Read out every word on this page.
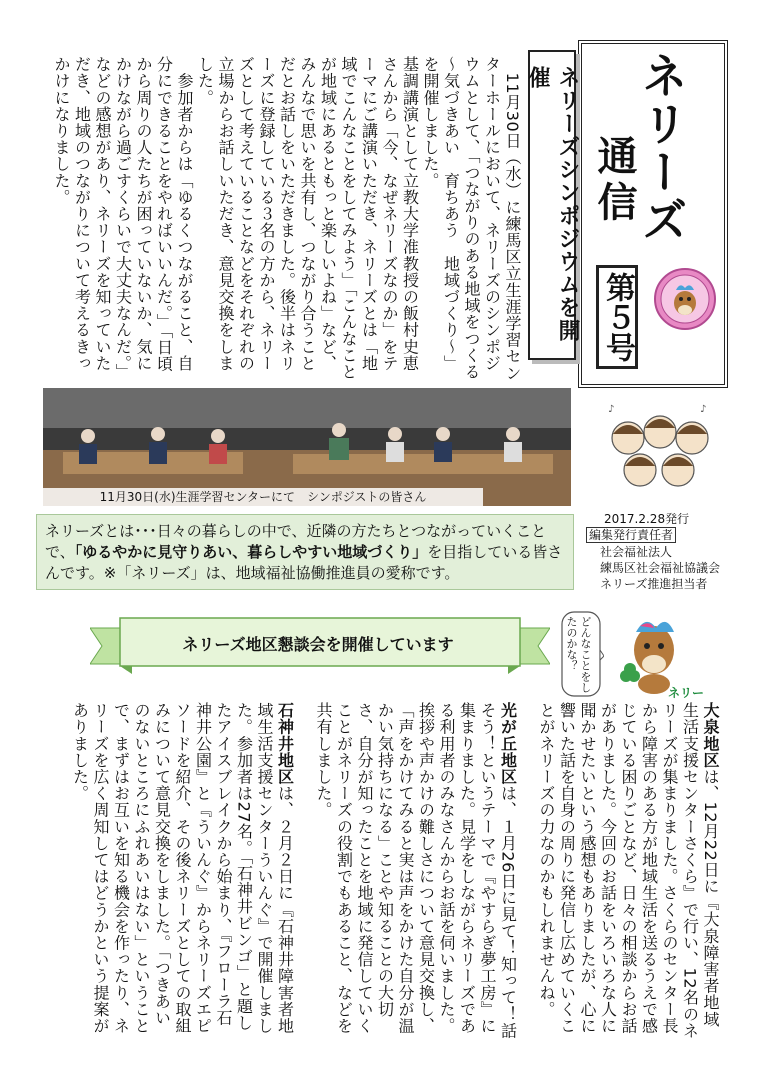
ネリーズ
通信
第５号
ネリーズシンポジウムを開催

　11月30日（水）に練馬区立生涯学習センターホールにおいて、ネリーズのシンポジウムとして、「つながりのある地域をつくる～気づきあい　育ちあう　地域づくり～」を開催しました。

基調講演として立教大学准教授の飯村史恵さんから「今、なぜネリーズなのか」をテーマにご講演いただき、ネリーズとは「地域でこんなことをしてみよう」「こんなことが地域にあるともっと楽しいよね」など、みんなで思いを共有し、つながり合うことだとお話しをいただきました。後半はネリーズに登録している３名の方から、ネリーズとして考えていることなどをそれぞれの立場からお話しいただき、意見交換をしました。

　参加者からは「ゆるくつながること、自分にできることをやればいいんだ。」「日頃から周りの人たちが困っていないか、気にかけながら過ごすくらいで大丈夫なんだ。」などの感想があり、ネリーズを知っていただき、地域のつながりについて考えるきっかけになりました。

11月30日(水)生涯学習センターにて　シンポジストの皆さん
♪	♪
2017.2.28発行
編集発行責任者
社会福祉法人
練馬区社会福祉協議会
ネリーズ推進担当者
ネリーズとは･･･日々の暮らしの中で、近隣の方たちとつながっていくことで、「ゆるやかに見守りあい、暮らしやすい地域づくり」を目指している皆さんです。※「ネリーズ」は、地域福祉協働推進員の愛称です。
ネリーズ地区懇談会を開催しています	どんなことをしたのかな？
ネリー

大泉地区は、12月22日に『大泉障害者地域生活支援センターさくら』で行い、12名のネリーズが集まりました。さくらのセンター長から障害のある方が地域生活を送るうえで感じている困りごとなど、日々の相談からお話がありました。今回のお話をいろいろな人に聞かせたいという感想もありましたが、心に響いた話を自身の周りに発信し広めていくことがネリーズの力なのかもしれませんね。

光が丘地区は、１月26日に見て！知って！話そう！というテーマで『やすらぎ夢工房』に集まりました。見学をしながらネリーズである利用者のみなさんからお話を伺いました。挨拶や声かけの難しさについて意見交換し、「声をかけてみると実は声をかけた自分が温かい気持ちになる」ことや知ることの大切さ、自分が知ったことを地域に発信していくことがネリーズの役割でもあること、などを共有しました。

石神井地区は、２月２日に『石神井障害者地域生活支援センターういんぐ』で開催しました。参加者は27名。「石神井ビンゴ」と題したアイスブレイクから始まり、『フローラ石神井公園』と『ういんぐ』からネリーズエピソードを紹介、その後ネリーズとしての取組みについて意見交換をしました。「つきあいのないところにふれあいはない」ということで、まずはお互いを知る機会を作ったり、ネリーズを広く周知してはどうかという提案がありました。
